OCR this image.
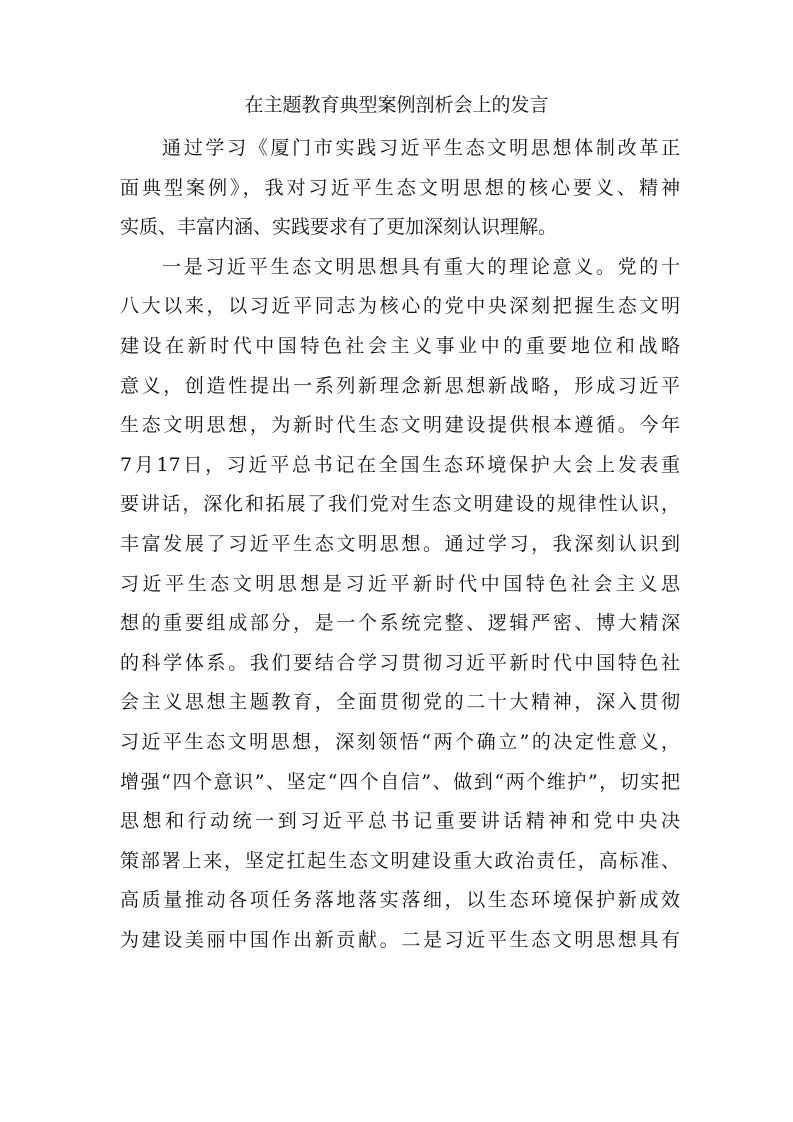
在主题教育典型案例剖析会上的发言
通过学习《厦门市实践习近平生态文明思想体制改革正
面典型案例》，我对习近平生态文明思想的核心要义、精神
实质、丰富内涵、实践要求有了更加深刻认识理解。
一是习近平生态文明思想具有重大的理论意义。党的十
八大以来，以习近平同志为核心的党中央深刻把握生态文明
建设在新时代中国特色社会主义事业中的重要地位和战略
意义，创造性提出一系列新理念新思想新战略，形成习近平
生态文明思想，为新时代生态文明建设提供根本遵循。今年
7月17日，习近平总书记在全国生态环境保护大会上发表重
要讲话，深化和拓展了我们党对生态文明建设的规律性认识，
丰富发展了习近平生态文明思想。通过学习，我深刻认识到
习近平生态文明思想是习近平新时代中国特色社会主义思
想的重要组成部分，是一个系统完整、逻辑严密、博大精深
的科学体系。我们要结合学习贯彻习近平新时代中国特色社
会主义思想主题教育，全面贯彻党的二十大精神，深入贯彻
习近平生态文明思想，深刻领悟“两个确立”的决定性意义，
增强“四个意识”、坚定“四个自信”、做到“两个维护”，切实把
思想和行动统一到习近平总书记重要讲话精神和党中央决
策部署上来，坚定扛起生态文明建设重大政治责任，高标准、
高质量推动各项任务落地落实落细，以生态环境保护新成效
为建设美丽中国作出新贡献。二是习近平生态文明思想具有
